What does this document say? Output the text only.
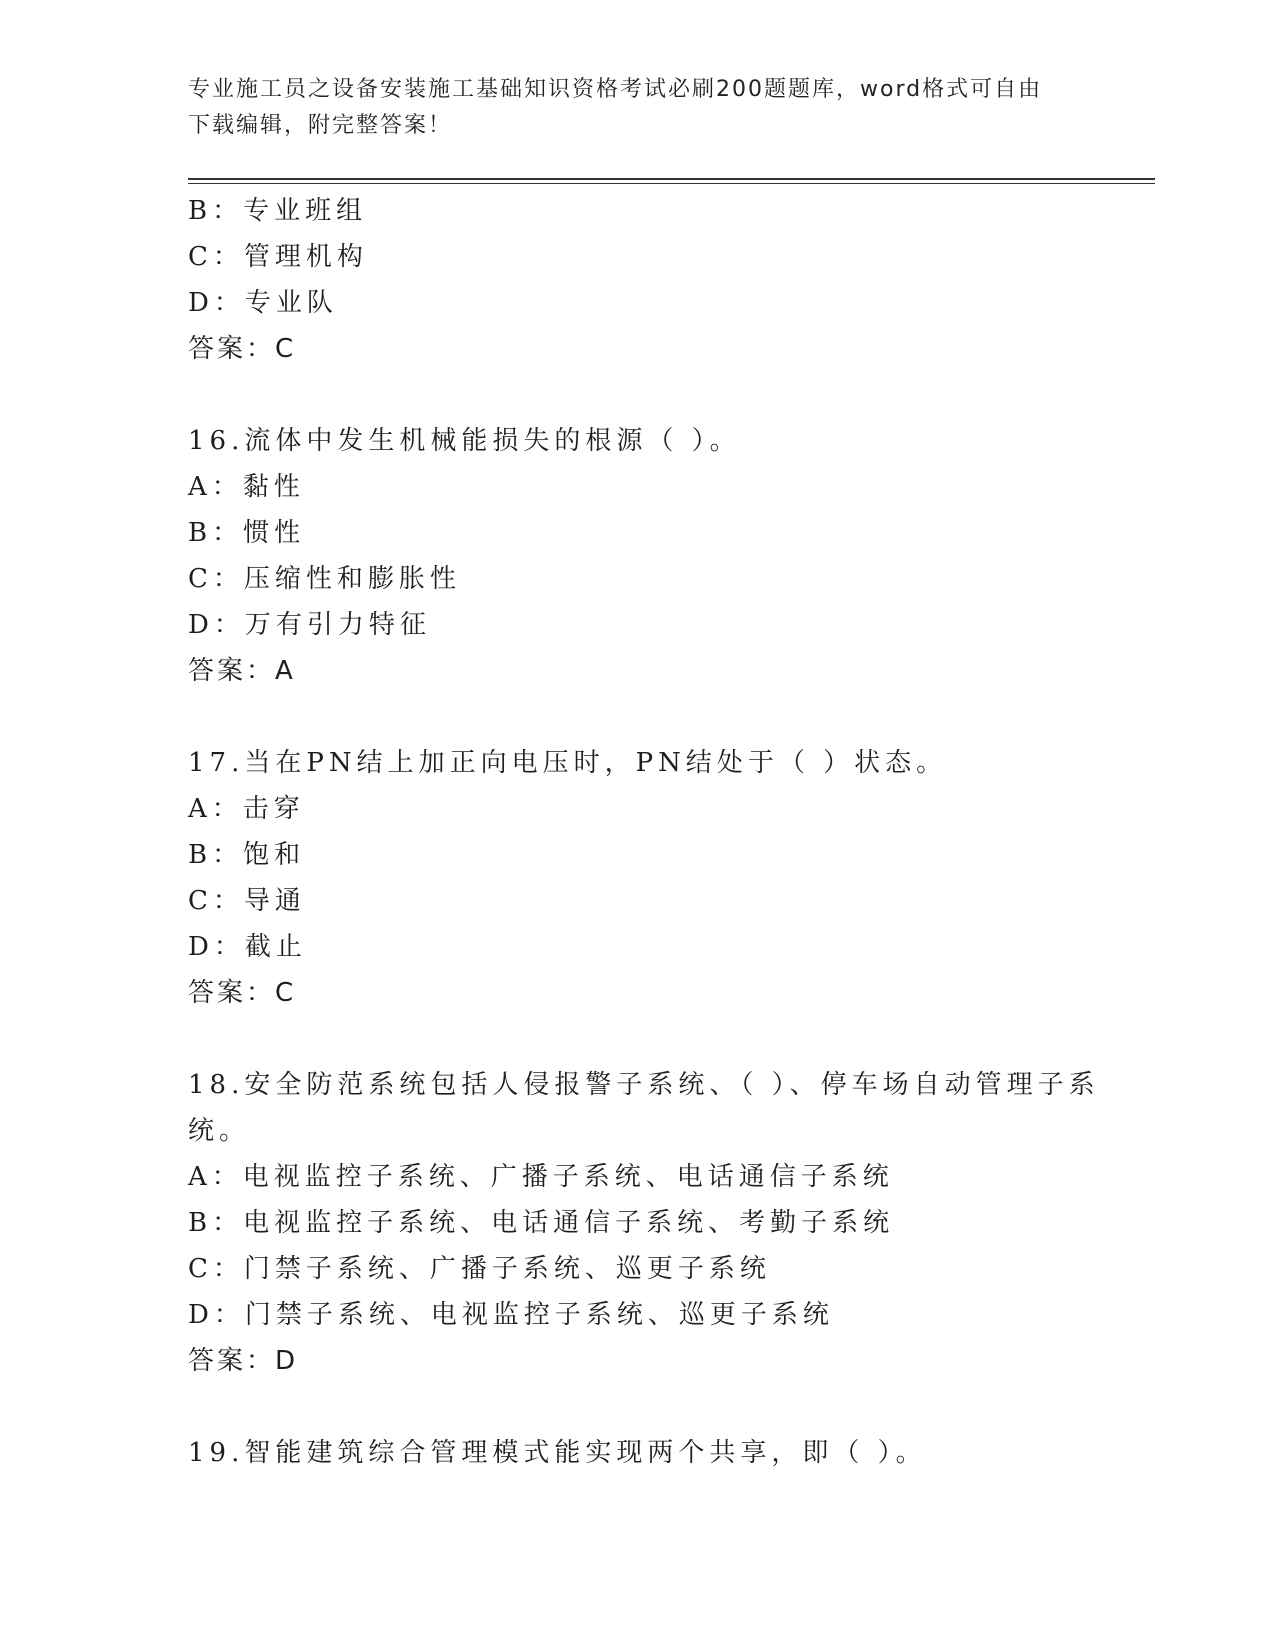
专业施工员之设备安装施工基础知识资格考试必刷200题题库，word格式可自由
下载编辑，附完整答案！
B：专业班组
C：管理机构
D：专业队
答案：C
16.流体中发生机械能损失的根源（ ）。
A：黏性
B：惯性
C：压缩性和膨胀性
D：万有引力特征
答案：A
17.当在PN结上加正向电压时，PN结处于（ ）状态。
A：击穿
B：饱和
C：导通
D：截止
答案：C
18.安全防范系统包括人侵报警子系统、（ ）、停车场自动管理子系
统。
A：电视监控子系统、广播子系统、电话通信子系统
B：电视监控子系统、电话通信子系统、考勤子系统
C：门禁子系统、广播子系统、巡更子系统
D：门禁子系统、电视监控子系统、巡更子系统
答案：D
19.智能建筑综合管理模式能实现两个共享，即（ ）。
